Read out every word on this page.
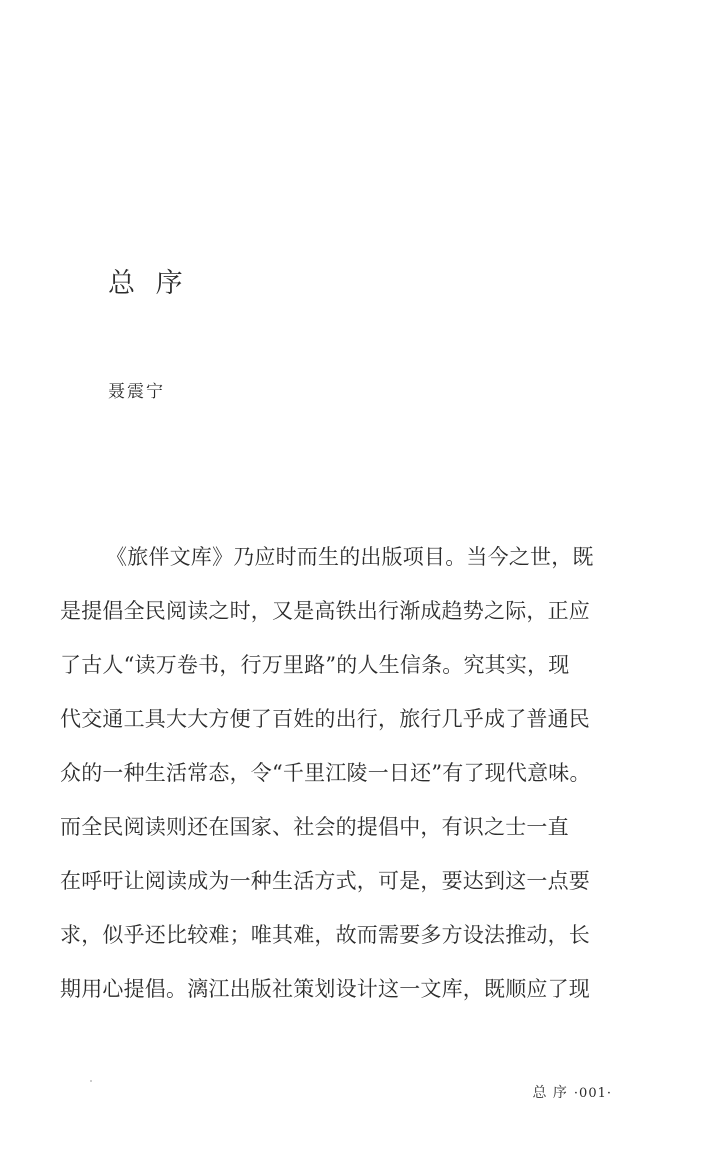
总 序

聂震宁

《旅伴文库》乃应时而生的出版项目。当今之世，既
是提倡全民阅读之时，又是高铁出行渐成趋势之际，正应
了古人“读万卷书，行万里路”的人生信条。究其实，现
代交通工具大大方便了百姓的出行，旅行几乎成了普通民
众的一种生活常态，令“千里江陵一日还”有了现代意味。
而全民阅读则还在国家、社会的提倡中，有识之士一直
在呼吁让阅读成为一种生活方式，可是，要达到这一点要
求，似乎还比较难；唯其难，故而需要多方设法推动，长
期用心提倡。漓江出版社策划设计这一文库，既顺应了现
总 序 ·001·
